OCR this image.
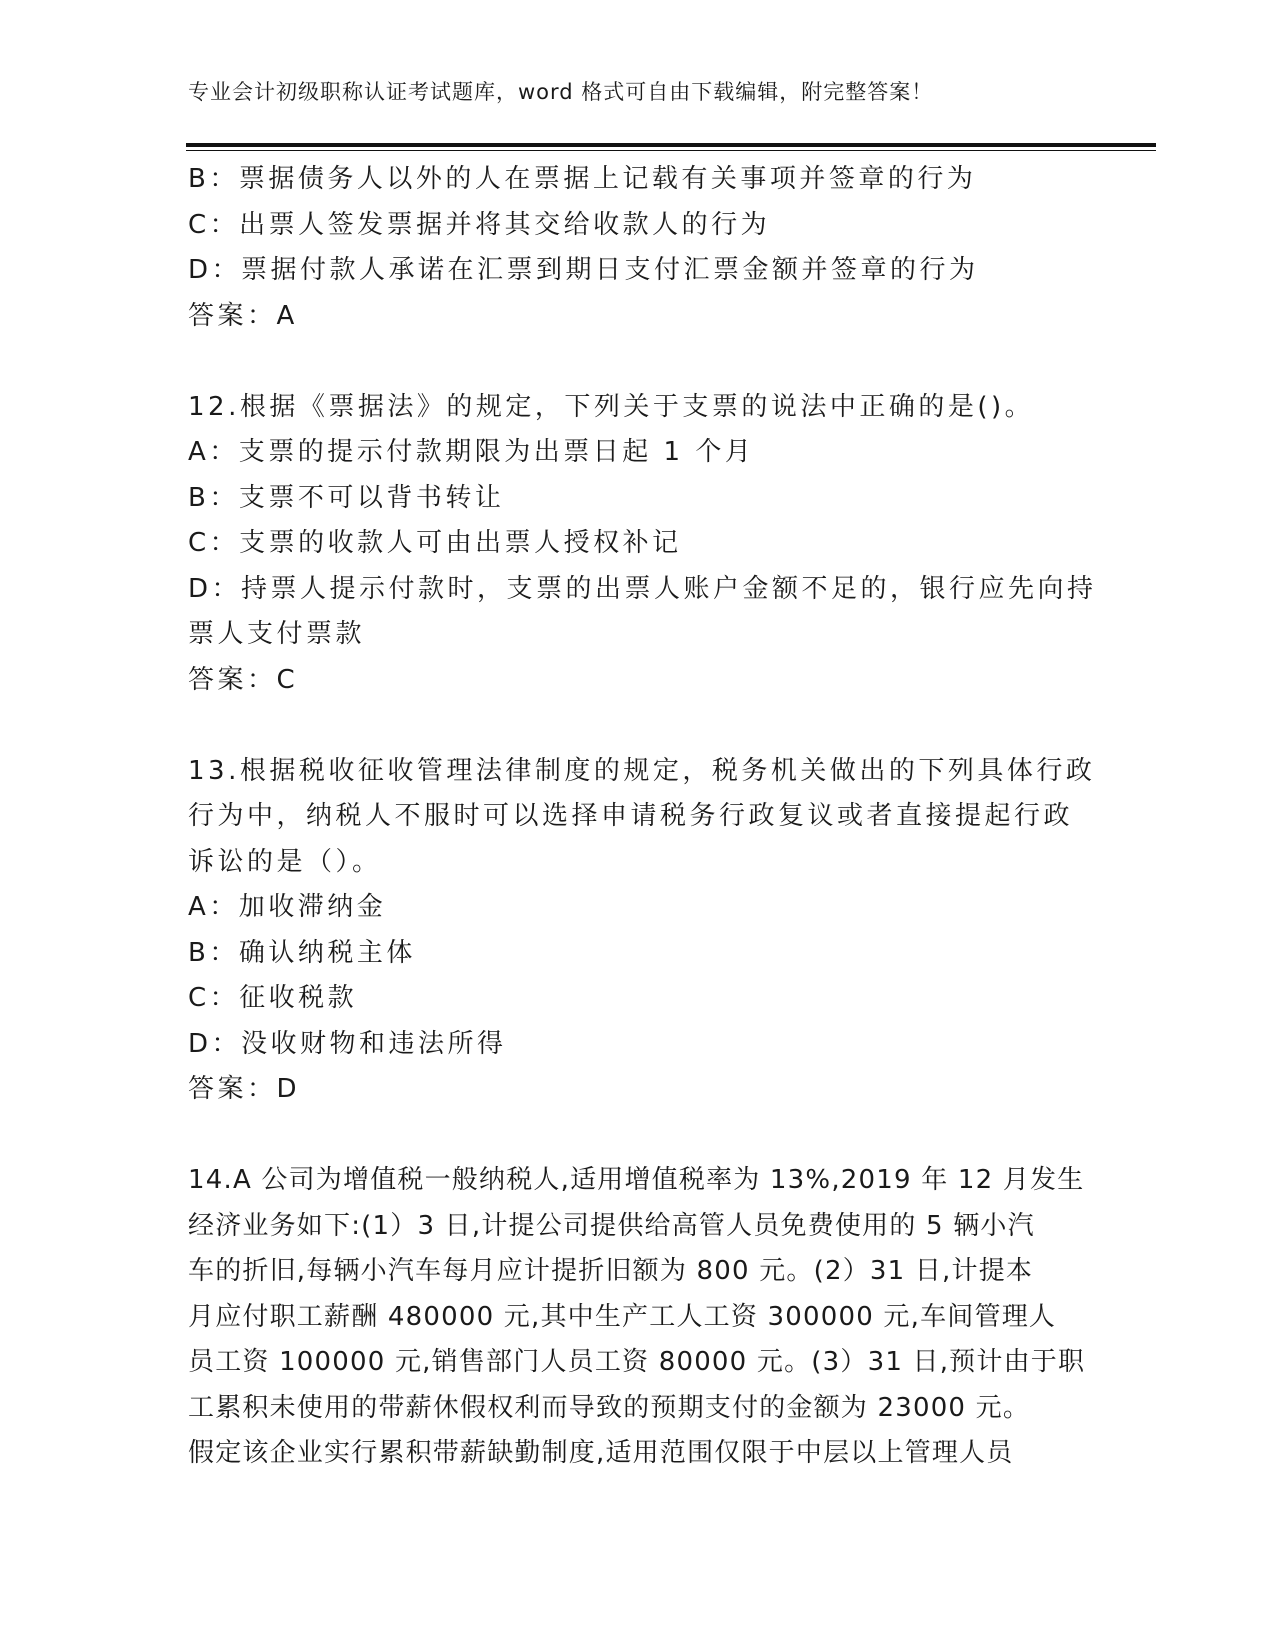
专业会计初级职称认证考试题库，word 格式可自由下载编辑，附完整答案！
B：票据债务人以外的人在票据上记载有关事项并签章的行为
C：出票人签发票据并将其交给收款人的行为
D：票据付款人承诺在汇票到期日支付汇票金额并签章的行为
答案：A
12.根据《票据法》的规定，下列关于支票的说法中正确的是()。
A：支票的提示付款期限为出票日起 1 个月
B：支票不可以背书转让
C：支票的收款人可由出票人授权补记
D：持票人提示付款时，支票的出票人账户金额不足的，银行应先向持
票人支付票款
答案：C
13.根据税收征收管理法律制度的规定，税务机关做出的下列具体行政
行为中，纳税人不服时可以选择申请税务行政复议或者直接提起行政
诉讼的是（）。
A：加收滞纳金
B：确认纳税主体
C：征收税款
D：没收财物和违法所得
答案：D
14.A 公司为增值税一般纳税人,适用增值税率为 13%,2019 年 12 月发生
经济业务如下:(1）3 日,计提公司提供给高管人员免费使用的 5 辆小汽
车的折旧,每辆小汽车每月应计提折旧额为 800 元。(2）31 日,计提本
月应付职工薪酬 480000 元,其中生产工人工资 300000 元,车间管理人
员工资 100000 元,销售部门人员工资 80000 元。(3）31 日,预计由于职
工累积未使用的带薪休假权利而导致的预期支付的金额为 23000 元。
假定该企业实行累积带薪缺勤制度,适用范围仅限于中层以上管理人员
